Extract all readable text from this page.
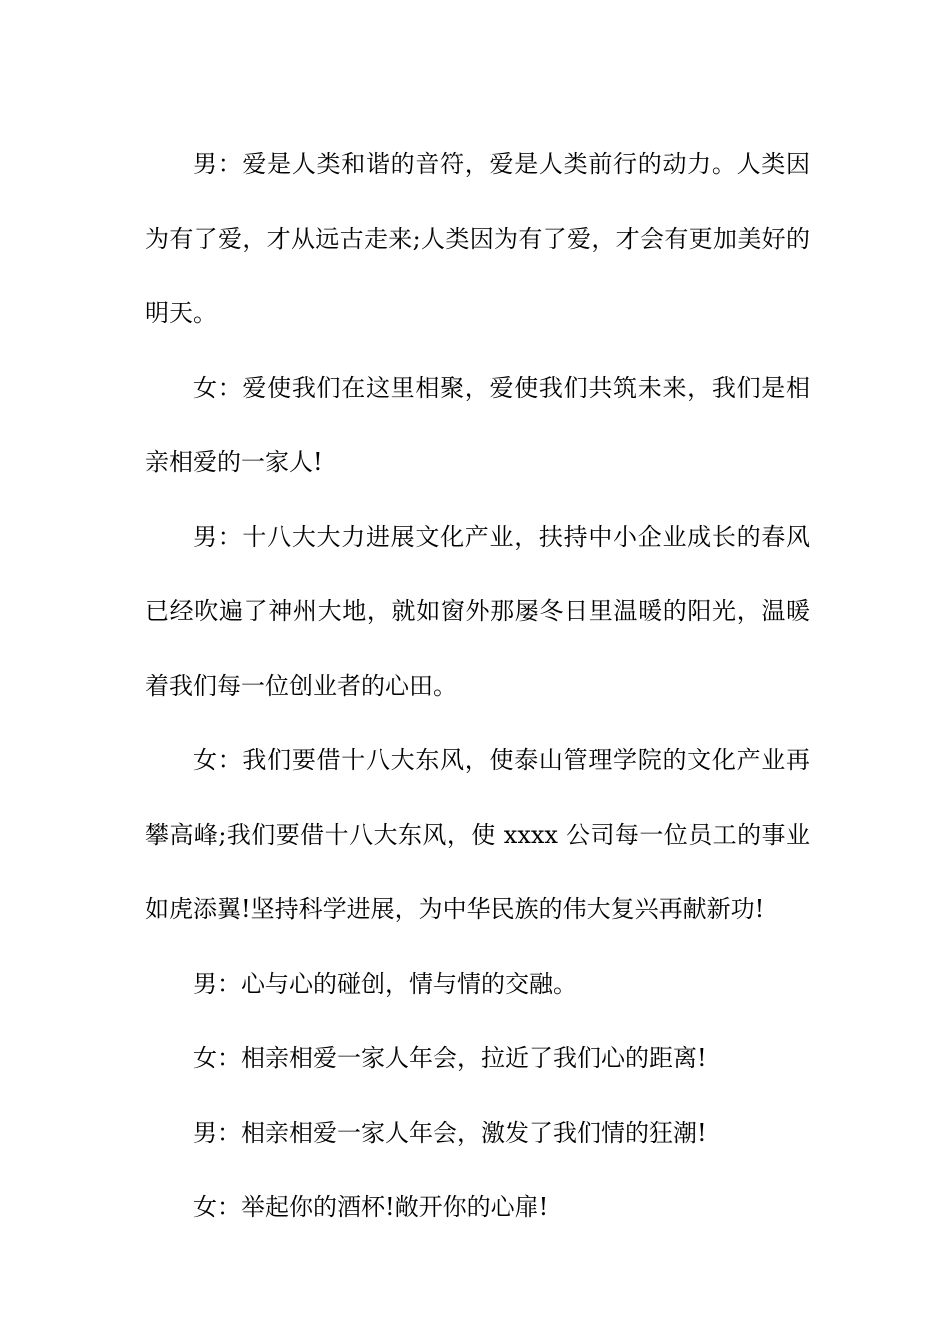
男：爱是人类和谐的音符，爱是人类前行的动力。人类因为有了爱，才从远古走来;人类因为有了爱，才会有更加美好的明天。

女：爱使我们在这里相聚，爱使我们共筑未来，我们是相亲相爱的一家人!

男：十八大大力进展文化产业，扶持中小企业成长的春风已经吹遍了神州大地，就如窗外那屡冬日里温暖的阳光，温暖着我们每一位创业者的心田。

女：我们要借十八大东风，使泰山管理学院的文化产业再攀高峰;我们要借十八大东风，使 xxxx 公司每一位员工的事业如虎添翼!坚持科学进展，为中华民族的伟大复兴再献新功!

男：心与心的碰创，情与情的交融。

女：相亲相爱一家人年会，拉近了我们心的距离!

男：相亲相爱一家人年会，激发了我们情的狂潮!

女：举起你的酒杯!敞开你的心扉!
